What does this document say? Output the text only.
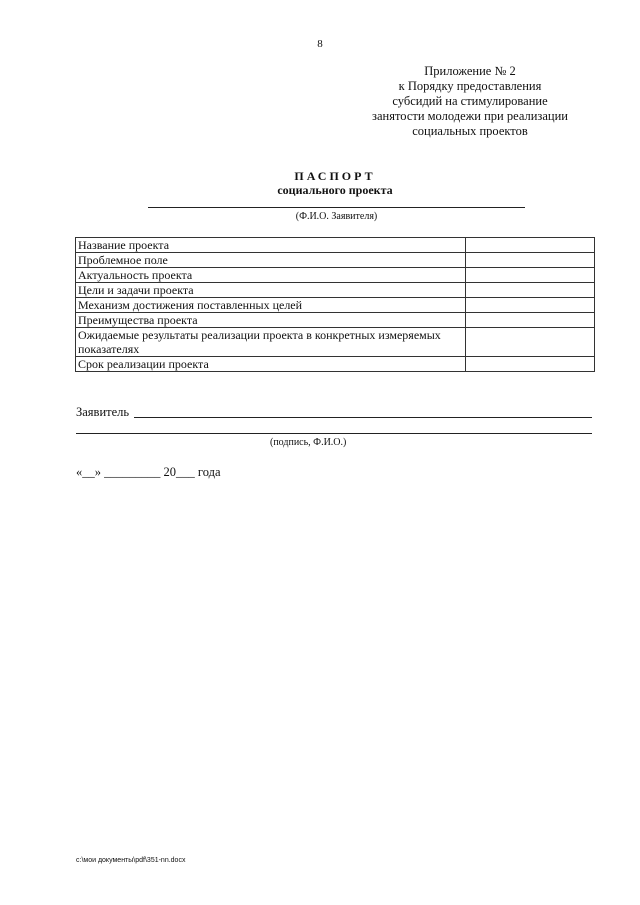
8
Приложение № 2
к Порядку предоставления
субсидий на стимулирование
занятости молодежи при реализации
социальных проектов
ПАСПОРТ
социального проекта
(Ф.И.О. Заявителя)
Название проекта	
Проблемное поле	
Актуальность проекта	
Цели и задачи проекта	
Механизм достижения поставленных целей	
Преимущества проекта	
Ожидаемые результаты реализации проекта в конкретных измеряемых показателях	
Срок реализации проекта	
Заявитель
(подпись, Ф.И.О.)
«__» _________ 20___ года
c:\мои документы\pdf\351-nn.docx
